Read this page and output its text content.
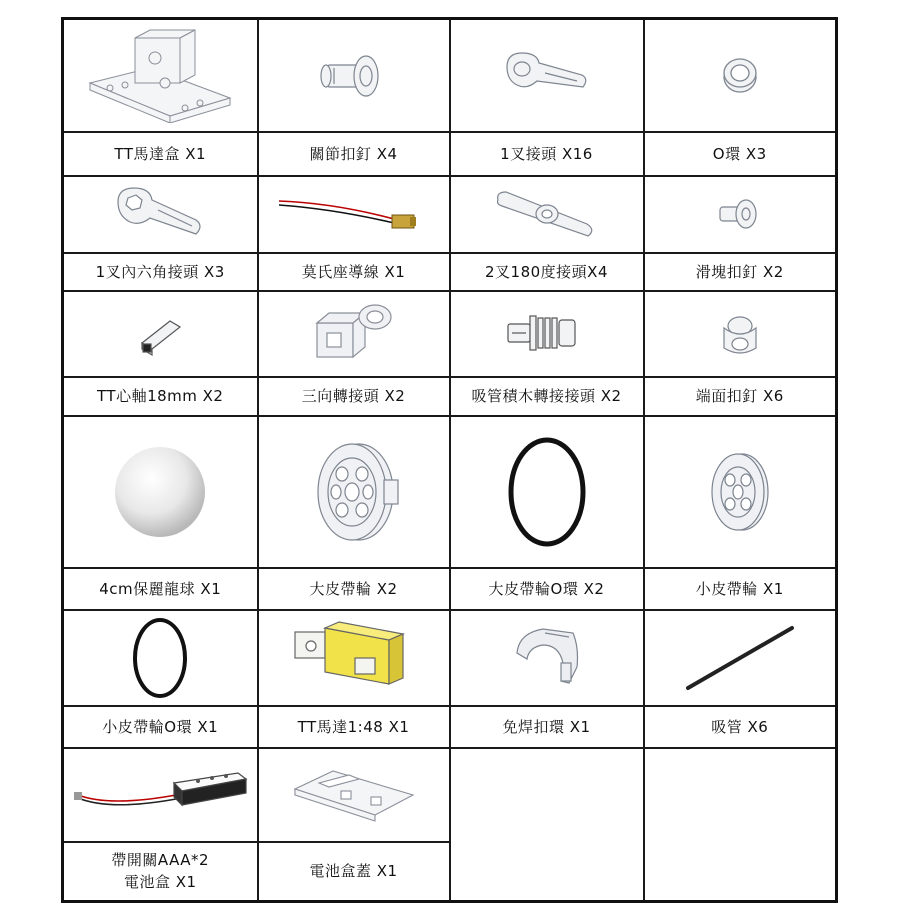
TT馬達盒 X1	關節扣釘 X4	1叉接頭 X16	O環 X3

1叉內六角接頭 X3	莫氏座導線 X1	2叉180度接頭X4	滑塊扣釘 X2

TT心軸18mm X2	三向轉接頭 X2	吸管積木轉接接頭 X2	端面扣釘 X6

4cm保麗龍球 X1	大皮帶輪 X2	大皮帶輪O環 X2	小皮帶輪 X1

小皮帶輪O環 X1	TT馬達1:48 X1	免焊扣環 X1	吸管 X6

帶開關AAA*2
電池盒 X1	電池盒蓋 X1		
